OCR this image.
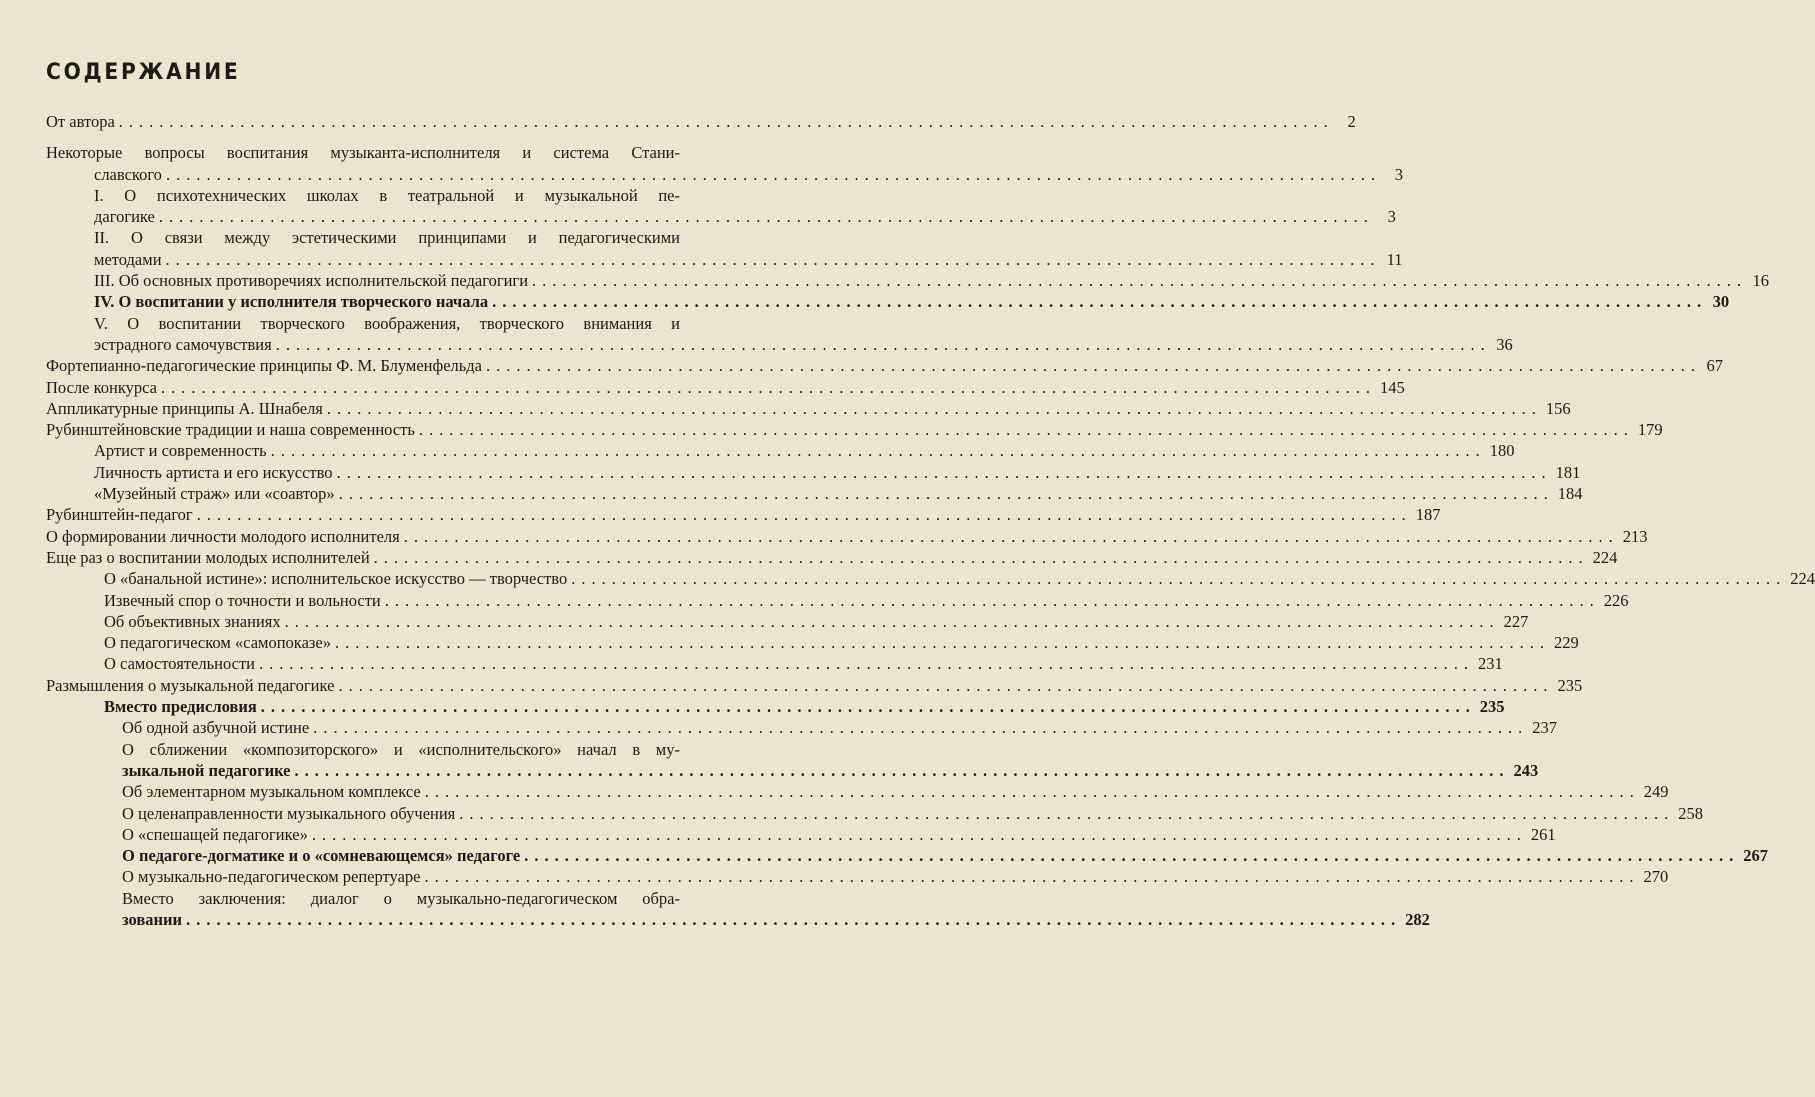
СОДЕРЖАНИЕ
От автора ........................................................................................................................ 2
Некоторые вопросы воспитания музыканта-исполнителя и система Стани-
славского ........................................................................................................................ 3
I. О психотехнических школах в театральной и музыкальной пе-
дагогике ........................................................................................................................ 3
II. О связи между эстетическими принципами и педагогическими
методами ........................................................................................................................ 11
III. Об основных противоречиях исполнительской педагогиги ........................................................................................................................ 16
IV. О воспитании у исполнителя творческого начала ........................................................................................................................ 30
V. О воспитании творческого воображения, творческого внимания и
эстрадного самочувствия ........................................................................................................................ 36
Фортепианно-педагогические принципы Ф. М. Блуменфельда ........................................................................................................................ 67
После конкурса ........................................................................................................................ 145
Аппликатурные принципы А. Шнабеля ........................................................................................................................ 156
Рубинштейновские традиции и наша современность ........................................................................................................................ 179
Артист и современность ........................................................................................................................ 180
Личность артиста и его искусство ........................................................................................................................ 181
«Музейный страж» или «соавтор» ........................................................................................................................ 184
Рубинштейн-педагог ........................................................................................................................ 187
О формировании личности молодого исполнителя ........................................................................................................................ 213
Еще раз о воспитании молодых исполнителей ........................................................................................................................ 224
О «банальной истине»: исполнительское искусство — творчество ........................................................................................................................ 224
Извечный спор о точности и вольности ........................................................................................................................ 226
Об объективных знаниях ........................................................................................................................ 227
О педагогическом «самопоказе» ........................................................................................................................ 229
О самостоятельности ........................................................................................................................ 231
Размышления о музыкальной педагогике ........................................................................................................................ 235
Вместо предисловия ........................................................................................................................ 235
Об одной азбучной истине ........................................................................................................................ 237
О сближении «композиторского» и «исполнительского» начал в му-
зыкальной педагогике ........................................................................................................................ 243
Об элементарном музыкальном комплексе ........................................................................................................................ 249
О целенаправленности музыкального обучения ........................................................................................................................ 258
О «спешащей педагогике» ........................................................................................................................ 261
О педагоге-догматике и о «сомневающемся» педагоге ........................................................................................................................ 267
О музыкально-педагогическом репертуаре ........................................................................................................................ 270
Вместо заключения: диалог о музыкально-педагогическом обра-
зовании ........................................................................................................................ 282
